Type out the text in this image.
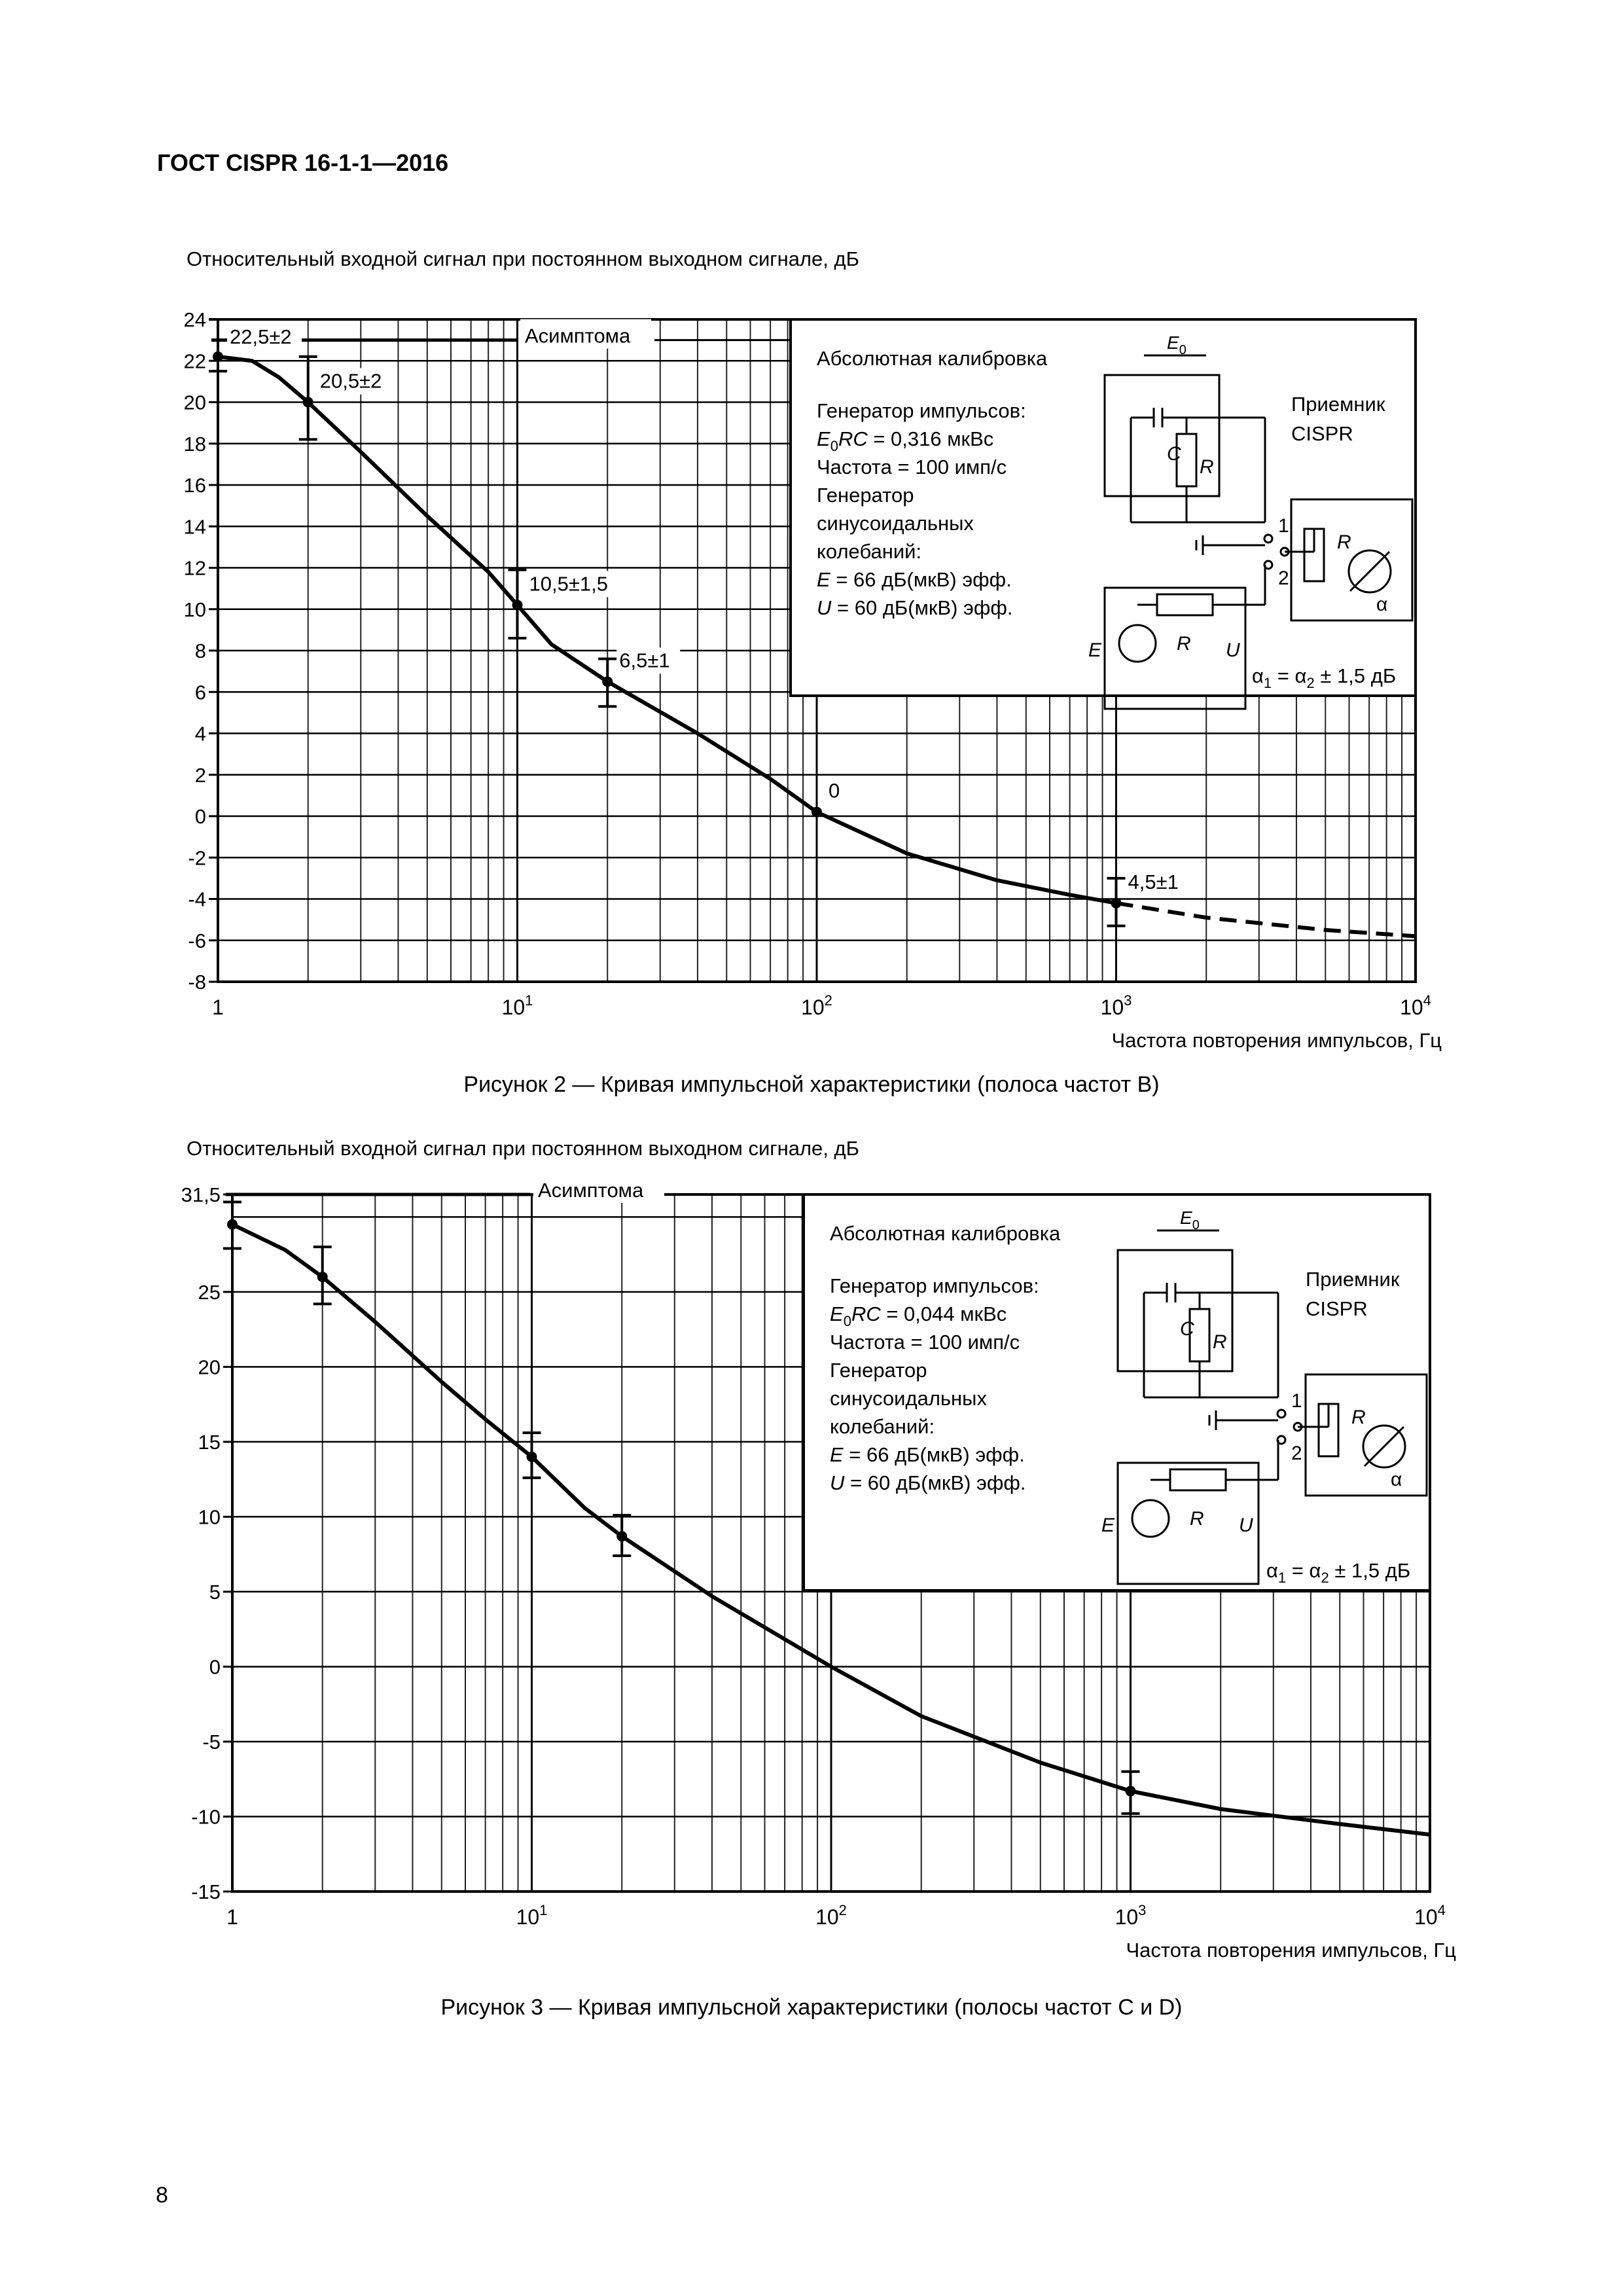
ГОСТ CISPR 16-1-1—2016
Относительный входной сигнал при постоянном выходном сигнале, дБ
Рисунок 2 — Кривая импульсной характеристики (полоса частот B)
Относительный входной сигнал при постоянном выходном сигнале, дБ
Рисунок 3 — Кривая импульсной характеристики (полосы частот C и D)
8
24
22
20
18
16
14
12
10
8
6
4
2
0
-2
-4
-6
-8
1	$10^1$	$10^2$	$10^3$	$10^4$
Частота повторения импульсов, Гц
Абсолютная калибровка
Генератор импульсов:
$E_0RC = 0,316$ мкВс
Частота = 100 имп/с
Генератор
синусоидальных
колебаний:
E = 66 дБ(мкВ) эфф.
U = 60 дБ(мкВ) эфф.
Приемник
CISPR
$\alpha_1 = \alpha_2 \pm 1,5$ дБ
$E_0$
C
R
1
2
R
E	U
R
α
Асимптома
22,5±2
20,5±2
10,5±1,5
6,5±1
0
4,5±1
31,5
25
20
15
10
5
0
-5
-10
-15
1	$10^1$	$10^2$	$10^3$	$10^4$
Частота повторения импульсов, Гц
Абсолютная калибровка
Генератор импульсов:
$E_0RC = 0,044$ мкВс
Частота = 100 имп/с
Генератор
синусоидальных
колебаний:
E = 66 дБ(мкВ) эфф.
U = 60 дБ(мкВ) эфф.
Приемник
CISPR
$\alpha_1 = \alpha_2 \pm 1,5$ дБ
$E_0$
C
R
1
2
R
E	U
R
α
Асимптома
